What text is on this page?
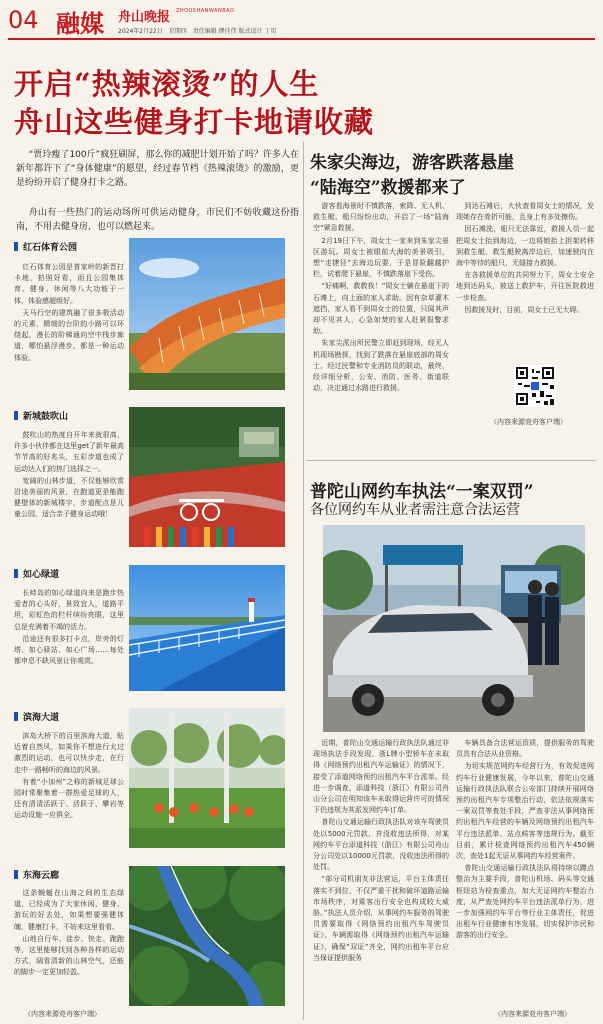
04 融媒 舟山晚报 ZHOUSHANWANBAO
2024年2月22日　星期四　责任编辑 缪佳伟 版式设计 丁页
开启“热辣滚烫”的人生
舟山这些健身打卡地请收藏
“贾玲瘦了100斤”疯狂刷屏，那么你的减肥计划开始了吗？许多人在新年都许下了“身体健康”的愿望，经过春节档《热辣滚烫》的激励，更是纷纷开启了健身打卡之路。
舟山有一些热门的运动场所可供运动健身，市民们不妨收藏这份指南，不用去健身房，也可以燃起来。
红石体育公园

红石体育公园是普家岭的新晋打卡地，拍照好看，而且公园集体育、健身、休闲等八大功能于一体，体验感超级好。

天马行空的建筑融了很多极活动的元素，精细的台阶的小路可以环绕起，漫长的阶梯通向空中栈步廊道，哪怕悬浮漫步，都是一种运动体验。

新城鼓吹山

鼓吹山的热度自开年来就很高，许多小伙伴都在这里get了新年最高节节高的好兆头，五彩步道也成了运动达人们的热门选择之一。

宽阔的山林步道，不仅能够欣赏沿途美丽的风景，在跑道更是能跑健壁体的新城楼宇，步道配点是儿童公园，适合亲子健身运动哦！

如心绿道

长峙岛的如心绿道向来是跑步热爱者的心头好，景致宜人，道路平坦，彩虹色的栏杆缤纷亮眼，这里总是充满着不竭的活力。

沿途还有很多打卡点，岸旁的灯塔、如心驿站、如心广场……每处都申息不缺风景让你观赏。

滨海大道

滨岛大桥下的百里滨海大道，贴近着自然风，如果你不想进行太过激烈的运动，也可以快步走，在行走中一路畅听的海边的风景。

有着“小加州”之称的新城足球公园时常聚集着一群热爱足球的人，还有清清活跃于、活跃于、攀岩等运动设施一应俱全。

东海云廊

这条蜿蜒在山海之间的生态绿道，已经成为了大家休闲、健身、游玩的好去处，如果想要强健体魄，健康打卡，不妨来这里看看。

山地自行车、徒步、快走、跑跑等，这里能够找到各种各样的运动方式，阔看清新的山林空气，还能的脚步一定更加轻盈。

（内容来源竞舟客户端）
朱家尖海边，游客跌落悬崖
“陆海空”救援都来了

游客看海景时不慎跌落，索降、无人机、救生艇、船只纷纷出动，开启了一场“陆海空”紧急救援。

2月19日下午，周女士一家来到朱家尖景区游玩。周女士被眼前大海的美景吸引，想“走捷径”去海边玩要，于是冒险翻越护栏，试着爬下悬崖，不慎跌落崖下受伤。

“好痛啊，救救我！”周女士躺在悬崖下的石滩上，向上面的家人求助。因有杂草灌木遮挡，家人看不到周女士的位置，只闻其声却不见其人，心急如焚的家人赶紧报警求助。

朱家尖派出所民警立即赶到现场，经无人机现场勘探，找到了跌落在悬崖底部的周女士。经过民警和专业消防员的联动，最终，经详细分析，公安、消防、医务、街道联动，决定通过水路进行救援。

到达石滩后，大伙查看周女士的情况，发现她存在骨折可能，且身上有多处擦伤。

因石滩洗，船只无法靠近，救援人员一起把周女士抬到海边，一边将她抬上担架转移到救生艇，救生艇驶离岸边后，加速驶向在海中等待的船只，无缝接力救援。

在各救援单位的共同努力下，周女士安全地到达码头，被送上救护车，开往医院救进一步检查。

因救援及时，目前，周女士已无大碍。

（内容来源竞舟客户端）
普陀山网约车执法“一案双罚”
各位网约车从业者需注意合法运营

近期，普陀山交通运输行政执法队通过非现场执法手段发现，浙L牌小型轿车在未取得《网络预约出租汽车运输证》的情况下，接受了添道网络预约出租汽车平台派单。经进一步调查，添道科技（浙江）有限公司舟山分公司在明知该车未取得运营许可的情况下仍违规为其派发网约车订单。

普陀山交通运输行政执法队对该车驾驶员处以5000元罚款，并没收违法所得，对某网约车平台添道科技（浙江）有限公司舟山分公司处以10000元罚款，没收违法所得的处罚。

“部分司机朋友非法营运，平台主体责任落实不到位，不仅严重干扰和破坏道路运输市场秩序，对乘客出行安全也构成较大威胁。”执法人员介绍，从事网约车服务的驾驶员需要取得《网络预约出租汽车驾驶员证》，车辆需取得《网络预约出租汽车运输证》，确保“双证”齐全，网约出租车平台应当保证提供服务

车辆具备合法营运资质，提供服务的驾驶员具有合法从业资格。

为切实规范网约车经营行为，有效促进网约车行业健康发展，今年以来，普陀山交通运输行政执法队联合公安部门持续开展网络预约出租汽车专项整治行动，依法依规落实一案双罚等查处手段，严查非法从事网络预约出租汽车经营的车辆及网络预约出租汽车平台违法派单、站点候客等违规行为。截至目前，累计检查网络预约出租汽车450辆次，查处1起无证从事网约车经营案件。

普陀山交通运输行政执法队将持续以蹲点整治为主要手段，普陀山机场、码头等交通枢纽站为检查重点，加大无证网约车整治力度，从严查处网约车平台违法派单行为，进一步加强网约车平台等行业主体责任，促进出租车行业健康有序发展，切实保护市民和游客的出行安全。

（内容来源竞舟客户端）
